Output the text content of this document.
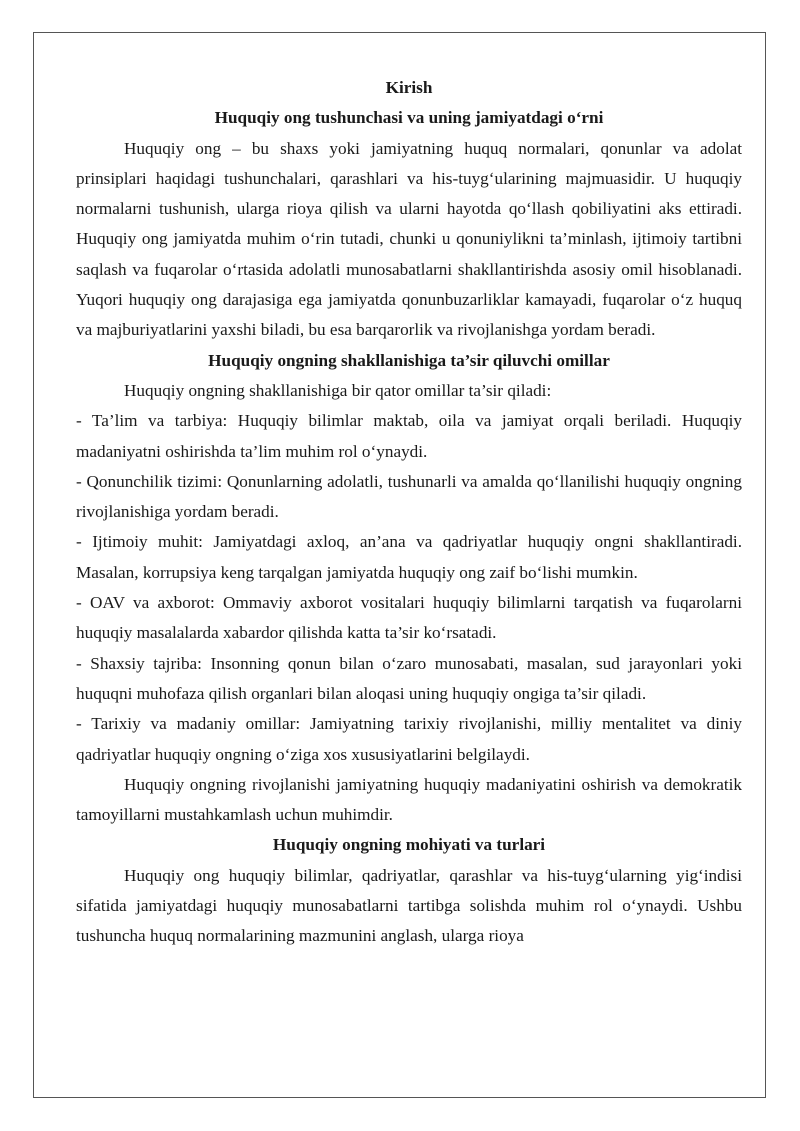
Kirish

Huquqiy ong tushunchasi va uning jamiyatdagi o‘rni

Huquqiy ong – bu shaxs yoki jamiyatning huquq normalari, qonunlar va adolat prinsiplari haqidagi tushunchalari, qarashlari va his-tuyg‘ularining majmuasidir. U huquqiy normalarni tushunish, ularga rioya qilish va ularni hayotda qo‘llash qobiliyatini aks ettiradi. Huquqiy ong jamiyatda muhim o‘rin tutadi, chunki u qonuniylikni ta’minlash, ijtimoiy tartibni saqlash va fuqarolar o‘rtasida adolatli munosabatlarni shakllantirishda asosiy omil hisoblanadi. Yuqori huquqiy ong darajasiga ega jamiyatda qonunbuzarliklar kamayadi, fuqarolar o‘z huquq va majburiyatlarini yaxshi biladi, bu esa barqarorlik va rivojlanishga yordam beradi.

Huquqiy ongning shakllanishiga ta’sir qiluvchi omillar

Huquqiy ongning shakllanishiga bir qator omillar ta’sir qiladi:

- Ta’lim va tarbiya: Huquqiy bilimlar maktab, oila va jamiyat orqali beriladi. Huquqiy madaniyatni oshirishda ta’lim muhim rol o‘ynaydi.

- Qonunchilik tizimi: Qonunlarning adolatli, tushunarli va amalda qo‘llanilishi huquqiy ongning rivojlanishiga yordam beradi.

- Ijtimoiy muhit: Jamiyatdagi axloq, an’ana va qadriyatlar huquqiy ongni shakllantiradi. Masalan, korrupsiya keng tarqalgan jamiyatda huquqiy ong zaif bo‘lishi mumkin.

- OAV va axborot: Ommaviy axborot vositalari huquqiy bilimlarni tarqatish va fuqarolarni huquqiy masalalarda xabardor qilishda katta ta’sir ko‘rsatadi.

- Shaxsiy tajriba: Insonning qonun bilan o‘zaro munosabati, masalan, sud jarayonlari yoki huquqni muhofaza qilish organlari bilan aloqasi uning huquqiy ongiga ta’sir qiladi.

- Tarixiy va madaniy omillar: Jamiyatning tarixiy rivojlanishi, milliy mentalitet va diniy qadriyatlar huquqiy ongning o‘ziga xos xususiyatlarini belgilaydi.

Huquqiy ongning rivojlanishi jamiyatning huquqiy madaniyatini oshirish va demokratik tamoyillarni mustahkamlash uchun muhimdir.

Huquqiy ongning mohiyati va turlari

Huquqiy ong huquqiy bilimlar, qadriyatlar, qarashlar va his-tuyg‘ularning yig‘indisi sifatida jamiyatdagi huquqiy munosabatlarni tartibga solishda muhim rol o‘ynaydi. Ushbu tushuncha huquq normalarining mazmunini anglash, ularga rioya
